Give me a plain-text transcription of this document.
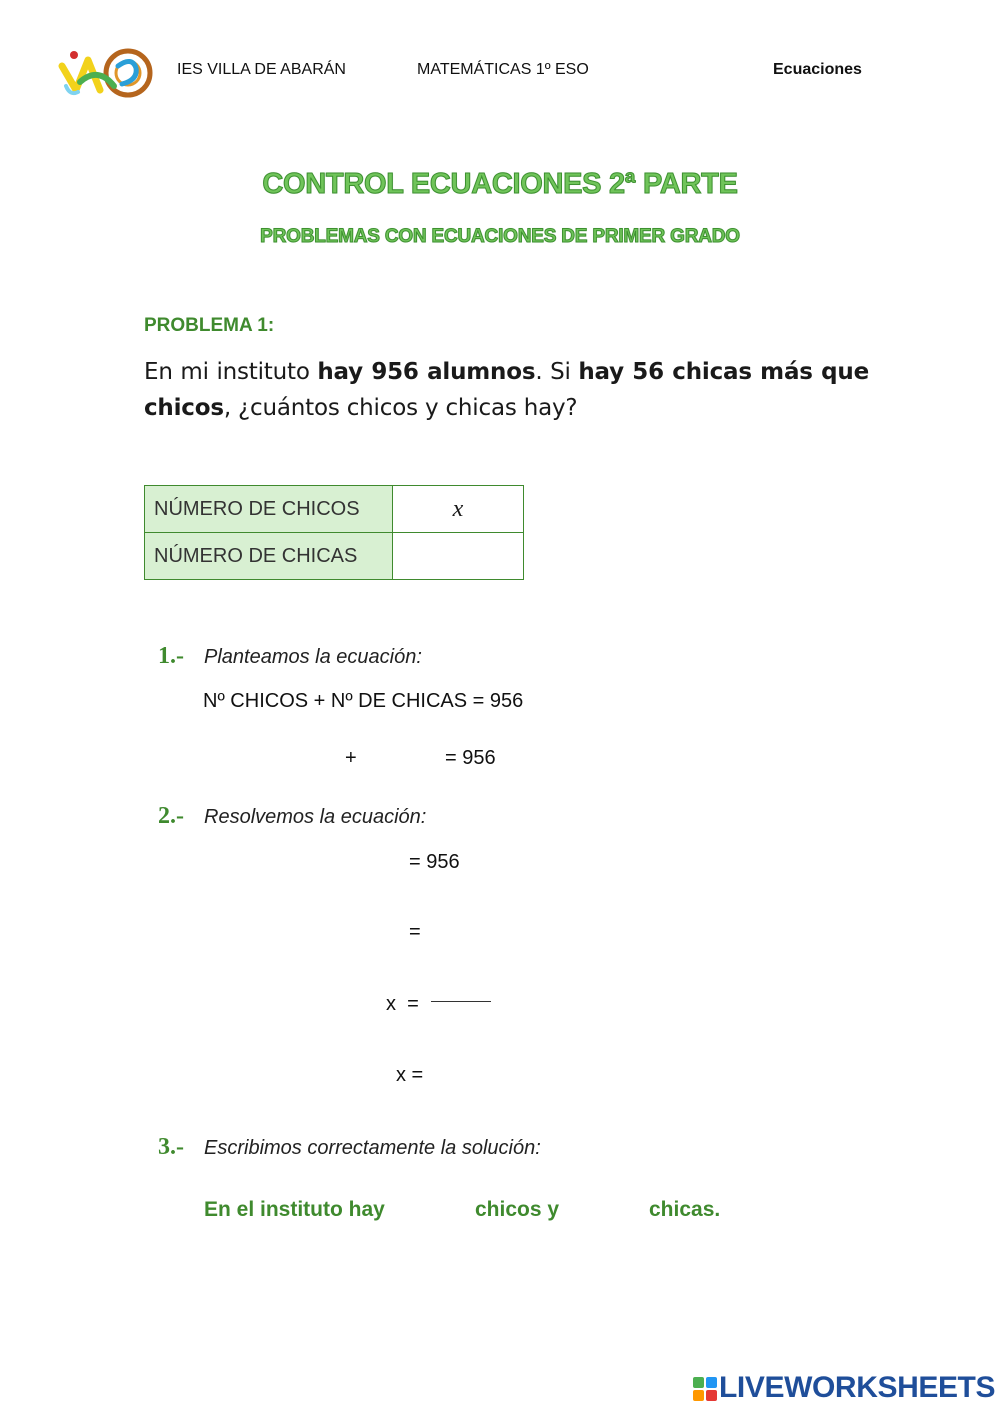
IES VILLA DE ABARÁN	MATEMÁTICAS 1º ESO	Ecuaciones
CONTROL ECUACIONES 2ª PARTE
PROBLEMAS CON ECUACIONES DE PRIMER GRADO
PROBLEMA 1:
En mi instituto hay 956 alumnos. Si hay 56 chicas más que chicos, ¿cuántos chicos y chicas hay?
NÚMERO DE CHICOS	x
NÚMERO DE CHICAS	
1.- Planteamos la ecuación:
Nº CHICOS + Nº DE CHICAS = 956
+	= 956
2.- Resolvemos la ecuación:
= 956
=
x  =
x =
3.- Escribimos correctamente la solución:
En el instituto hay	chicos y	chicas.
LIVEWORKSHEETS
